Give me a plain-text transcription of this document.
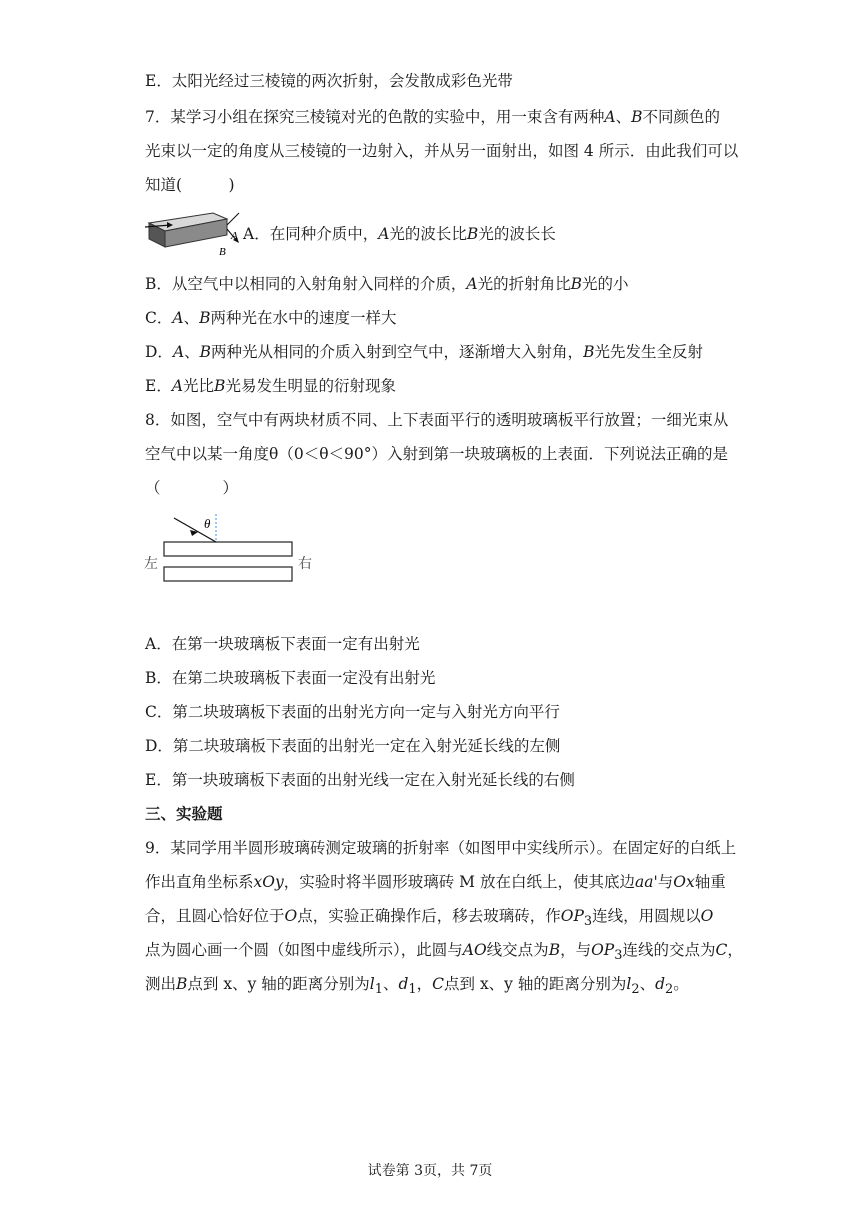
E．太阳光经过三棱镜的两次折射，会发散成彩色光带
7．某学习小组在探究三棱镜对光的色散的实验中，用一束含有两种A、B不同颜色的
光束以一定的角度从三棱镜的一边射入，并从另一面射出，如图 4 所示．由此我们可以
知道(　　　)
A
B
A．在同种介质中，A光的波长比B光的波长长
B．从空气中以相同的入射角射入同样的介质，A光的折射角比B光的小
C．A、B两种光在水中的速度一样大
D．A、B两种光从相同的介质入射到空气中，逐渐增大入射角，B光先发生全反射
E．A光比B光易发生明显的衍射现象
8．如图，空气中有两块材质不同、上下表面平行的透明玻璃板平行放置；一细光束从
空气中以某一角度θ（0＜θ＜90°）入射到第一块玻璃板的上表面．下列说法正确的是
（　　　　）
θ
左	右
A．在第一块玻璃板下表面一定有出射光
B．在第二块玻璃板下表面一定没有出射光
C．第二块玻璃板下表面的出射光方向一定与入射光方向平行
D．第二块玻璃板下表面的出射光一定在入射光延长线的左侧
E．第一块玻璃板下表面的出射光线一定在入射光延长线的右侧
三、实验题
9．某同学用半圆形玻璃砖测定玻璃的折射率（如图甲中实线所示）。在固定好的白纸上
作出直角坐标系xOy，实验时将半圆形玻璃砖 M 放在白纸上，使其底边aa'与Ox轴重
合，且圆心恰好位于O点，实验正确操作后，移去玻璃砖，作$OP_3$连线，用圆规以O
点为圆心画一个圆（如图中虚线所示），此圆与AO线交点为B，与$OP_3$连线的交点为C，
测出B点到 x、y 轴的距离分别为$l_1$、$d_1$，C点到 x、y 轴的距离分别为$l_2$、$d_2$。
试卷第 3页，共 7页
